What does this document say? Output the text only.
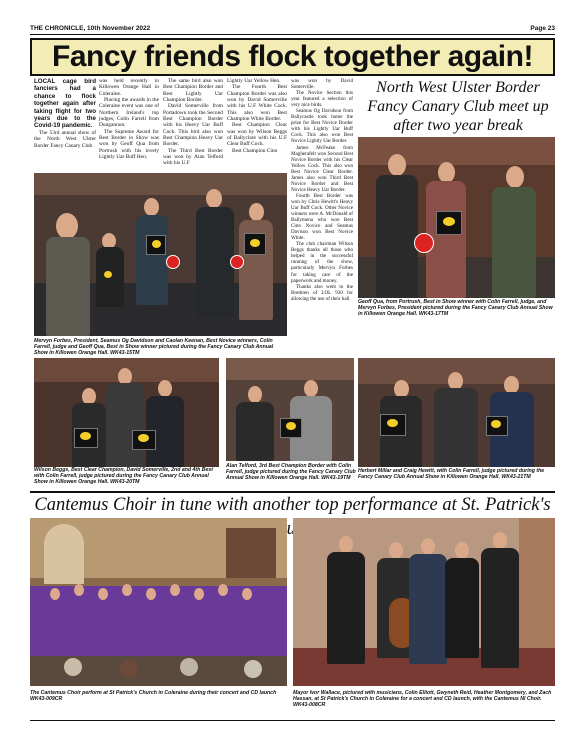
THE CHRONICLE, 10th November 2022	Page 23
Fancy friends flock together again!

LOCAL cage bird fanciers had a chance to flock together again after taking flight for two years due to the Covid-19 pandemic.

The 53rd annual show of the North West Ulster Border Fancy Canary Club

was held recently in Killowen Orange Hall in Coleraine.

Placing the awards in the Coleraine event was one of Northern Ireland's top judges, Colin Farrell from Dungannon.

The Supreme Award for Best Border in Show was won by Geoff Qua from Portrush with his lovely Lightly Uar Buff Hen.

The same bird also won Best Champion Border and Best Lightly Uar Champion Border.

David Somerville from Portadown took the Second Best Champion Border with his Heavy Uar Buff Cock. This bird also won Best Champion Heavy Uar Border.

The Third Best Border was won by Alan Telford with his U.F

Lightly Uar Yellow Hen.

The Fourth Best Champion Border was also won by David Somerville with his U.F White Cock. This also won Best Champion White Border.

Best Champion Clear was won by Wilson Beggs of Ballyclare with his U.F Clear Buff Cock.

Best Champion Cinn

was won by David Somerville.

The Novice Section this year featured a selection of very nice birds.

Seamus Og Davidson from Ballycastle took home the prize for Best Novice Border with his Lightly Uar Buff Cock. This also won Best Novice Lightly Uar Border.

James McFeake from Magherafelt won Second Best Novice Border with his Clear Yellow Cock. This also won Best Novice Clear Border. James also won Third Best Novice Border and Best Novice Heavy Uar Border.

Fourth Best Border was won by Chris Hewitt's Heavy Uar Buff Cock. Other Novice winners were A. McDonald of Ballymena who won Best Cinn Novice and Seamus Davison won Best Novice White.

The club chairman Wilson Beggs thanks all those who helped in the successful running of the show, particularly Mervyn Forbes for taking care of the paperwork and money.

Thanks also went to the Brethren of LOL 930 for allowing the use of their hall.

North West Ulster Border Fancy Canary Club meet up after two year break
Mervyn Forbes, President, Seamus Og Davidson and Caolan Keenan, Best Novice winners, Colin Farrell, judge and Geoff Qua, Best in Show winner pictured during the Fancy Canary Club Annual Show in Killowen Orange Hall. WK43-15TM
Geoff Qua, from Portrush, Best in Show winner with Colin Farrell, judge, and Mervyn Forbes, President pictured during the Fancy Canary Club Annual Show in Killowen Orange Hall. WK43-17TM
Wilson Beggs, Best Clear Champion, David Somerville, 2nd and 4th Best with Colin Farrell, judge pictured during the Fancy Canary Club Annual Show in Killowen Orange Hall. WK43-20TM
Alan Telford, 3rd Best Champion Border with Colin Farrell, judge pictured during the Fancy Canary Club Annual Show in Killowen Orange Hall. WK43-19TM
Herbert Millar and Craig Hewitt, with Colin Farrell, judge pictured during the Fancy Canary Club Annual Show in Killowen Orange Hall. WK43-21TM
Cantemus Choir in tune with another top performance at St. Patrick's
The Cantemus Choir perform at St Patrick's Church in Coleraine during their concert and CD launch WK43-009CR
Mayor Ivor Wallace, pictured with musicians, Colin Elliott, Gwyneth Reid, Heather Montgomery, and Zach Hassan, at St Patrick's Church in Coleraine for a concert and CD launch, with the Cantemus NI Choir. WK43-008CR
